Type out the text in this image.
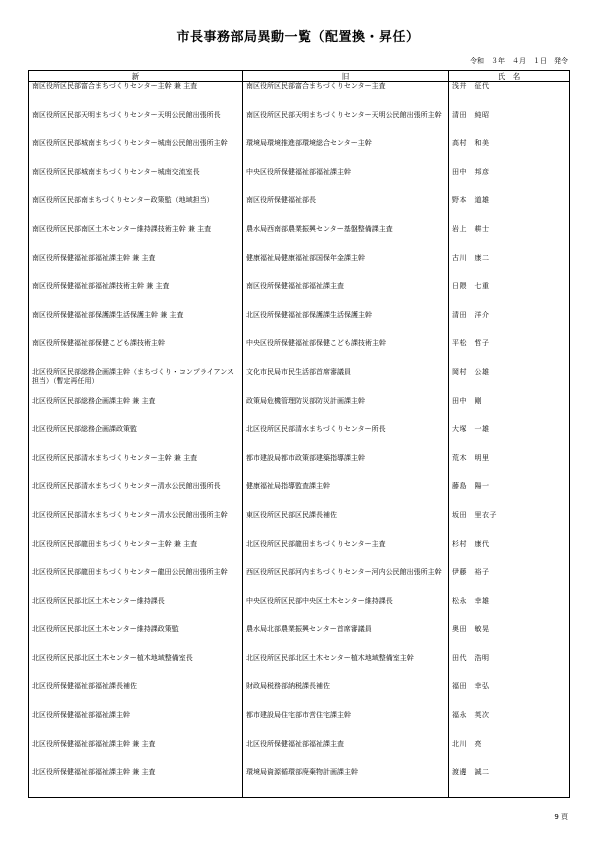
市長事務部局異動一覧（配置換・昇任）
令和　３年　４月　１日　発令
新	旧	氏　名
南区役所区民部富合まちづくりセンター主幹 兼 主査	南区役所区民部富合まちづくりセンター主査	浅井　征代
南区役所区民部天明まちづくりセンター天明公民館出張所長	南区役所区民部天明まちづくりセンター天明公民館出張所主幹	清田　純昭
南区役所区民部城南まちづくりセンター城南公民館出張所主幹	環境局環境推進部環境総合センター主幹	高村　和美
南区役所区民部城南まちづくりセンター城南交流室長	中央区役所保健福祉部福祉課主幹	田中　邦彦
南区役所区民部南まちづくりセンター政策監（地域担当）	南区役所保健福祉部長	野本　道雄
南区役所区民部南区土木センター維持課技術主幹 兼 主査	農水局西南部農業振興センター基盤整備課主査	岩上　耕士
南区役所保健福祉部福祉課主幹 兼 主査	健康福祉局健康福祉部国保年金課主幹	古川　康二
南区役所保健福祉部福祉課技術主幹 兼 主査	南区役所保健福祉部福祉課主査	日隈　七重
南区役所保健福祉部保護課生活保護主幹 兼 主査	北区役所保健福祉部保護課生活保護主幹	清田　洋介
南区役所保健福祉部保健こども課技術主幹	中央区役所保健福祉部保健こども課技術主幹	平松　哲子
北区役所区民部総務企画課主幹（まちづくり・コンプライアンス担当）（暫定再任用）	文化市民局市民生活部首席審議員	岡村　公雄
北区役所区民部総務企画課主幹 兼 主査	政策局危機管理防災部防災計画課主幹	田中　剛
北区役所区民部総務企画課政策監	北区役所区民部清水まちづくりセンター所長	大塚　一雄
北区役所区民部清水まちづくりセンター主幹 兼 主査	都市建設局都市政策部建築指導課主幹	荒木　明里
北区役所区民部清水まちづくりセンター清水公民館出張所長	健康福祉局指導監査課主幹	藤島　陽一
北区役所区民部清水まちづくりセンター清水公民館出張所主幹	東区役所区民部区民課長補佐	坂田　里衣子
北区役所区民部龍田まちづくりセンター主幹 兼 主査	北区役所区民部龍田まちづくりセンター主査	杉村　康代
北区役所区民部龍田まちづくりセンター龍田公民館出張所主幹	西区役所区民部河内まちづくりセンター河内公民館出張所主幹	伊藤　裕子
北区役所区民部北区土木センター維持課長	中央区役所区民部中央区土木センター維持課長	松永　幸雄
北区役所区民部北区土木センター維持課政策監	農水局北部農業振興センター首席審議員	奥田　敏晃
北区役所区民部北区土木センター植木地域整備室長	北区役所区民部北区土木センター植木地域整備室主幹	田代　浩明
北区役所保健福祉部福祉課長補佐	財政局税務部納税課長補佐	福田　幸弘
北区役所保健福祉部福祉課主幹	都市建設局住宅部市営住宅課主幹	福永　英次
北区役所保健福祉部福祉課主幹 兼 主査	北区役所保健福祉部福祉課主査	北川　亮
北区役所保健福祉部福祉課主幹 兼 主査	環境局資源循環部廃棄物計画課主幹	渡邊　誠二
9 頁
